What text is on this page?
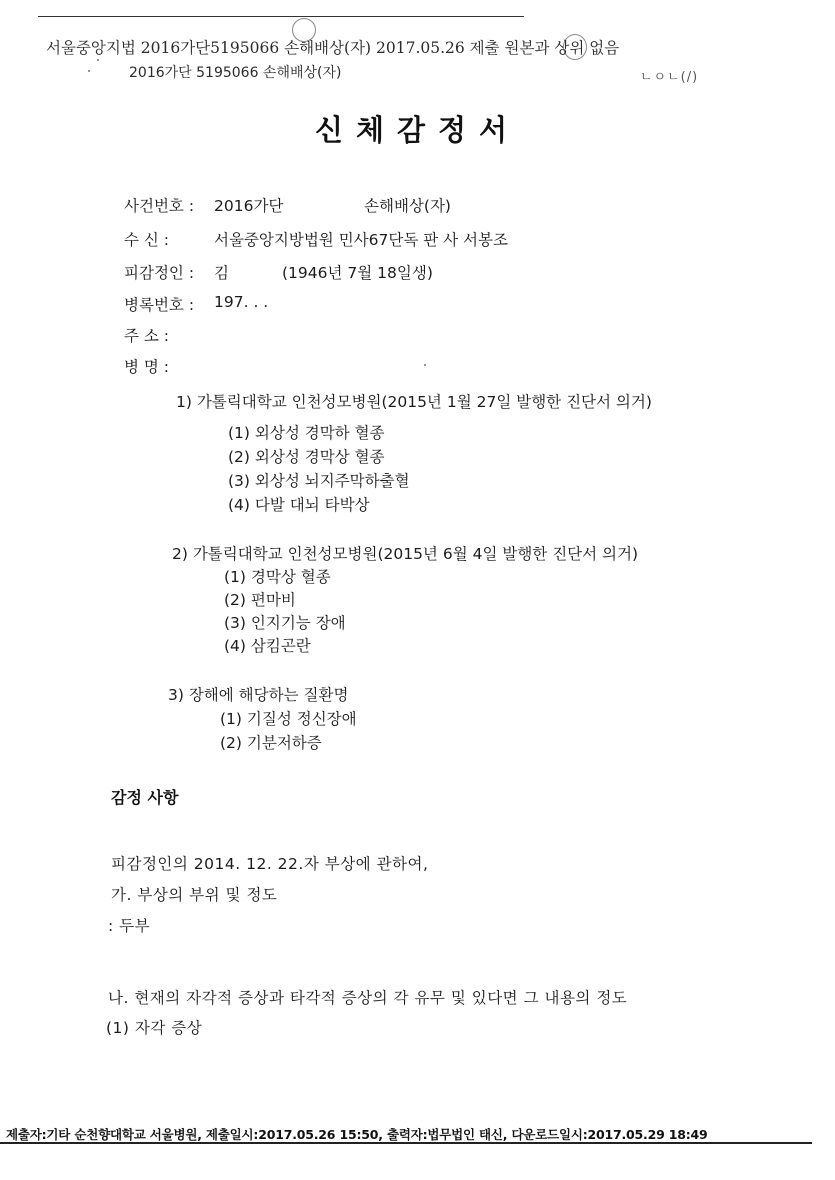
서울중앙지법 2016가단5195066 손해배상(자) 2017.05.26 제출 원본과 상위 없음
2016가단 5195066 손해배상(자)	ㄴㅇㄴ(/)
신체감정서
사건번호 : 2016가단	손해배상(자)
수 신 :	서울중앙지방법원 민사67단독 판 사 서봉조
피감정인 : 김	(1946년 7월 18일생)
병록번호 : 197. . .
주 소 :
병 명 :
1) 가톨릭대학교 인천성모병원(2015년 1월 27일 발행한 진단서 의거)
(1) 외상성 경막하 혈종
(2) 외상성 경막상 혈종
(3) 외상성 뇌지주막하출혈
(4) 다발 대뇌 타박상
2) 가톨릭대학교 인천성모병원(2015년 6월 4일 발행한 진단서 의거)
(1) 경막상 혈종
(2) 편마비
(3) 인지기능 장애
(4) 삼킴곤란
3) 장해에 해당하는 질환명
(1) 기질성 정신장애
(2) 기분저하증
감정 사항
피감정인의 2014. 12. 22.자 부상에 관하여,
가. 부상의 부위 및 정도
: 두부
나. 현재의 자각적 증상과 타각적 증상의 각 유무 및 있다면 그 내용의 정도
(1) 자각 증상
제출자:기타 순천향대학교 서울병원, 제출일시:2017.05.26 15:50, 출력자:법무법인 태신, 다운로드일시:2017.05.29 18:49
